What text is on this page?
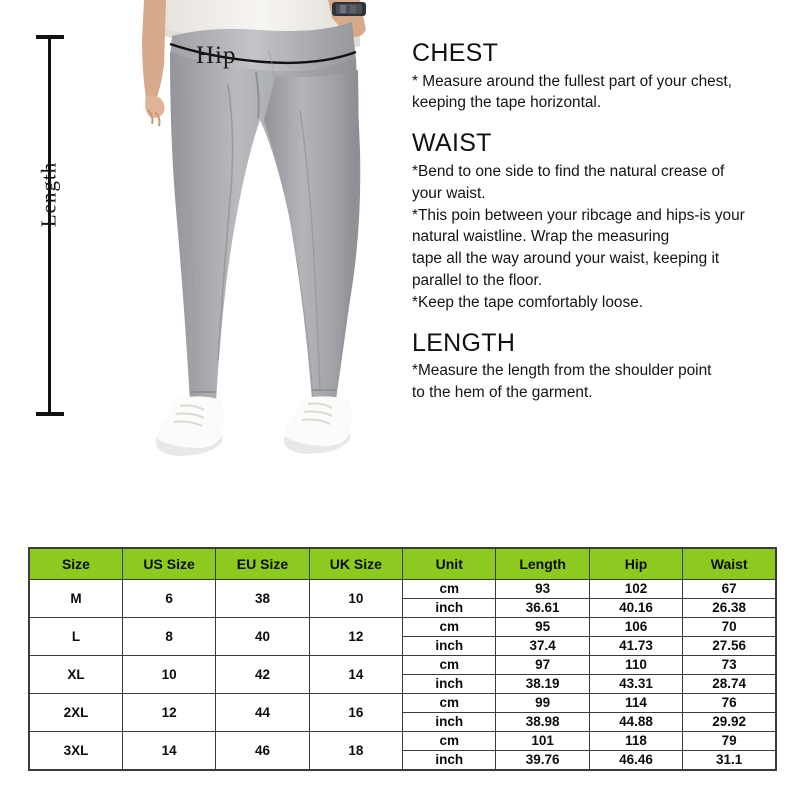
Hip
Length
CHEST

* Measure around the fullest part of your chest,
keeping the tape horizontal.

WAIST

*Bend to one side to find the natural crease of
your waist.
*This poin between your ribcage and hips-is your
natural waistline. Wrap the measuring
tape all the way around your waist, keeping it
parallel to the floor.
*Keep the tape comfortably loose.

LENGTH

*Measure the length from the shoulder point
to the hem of the garment.

Size	US Size	EU Size	UK Size	Unit	Length	Hip	Waist
M	6	38	10	cm	93	102	67
				inch	36.61	40.16	26.38
L	8	40	12	cm	95	106	70
				inch	37.4	41.73	27.56
XL	10	42	14	cm	97	110	73
				inch	38.19	43.31	28.74
2XL	12	44	16	cm	99	114	76
				inch	38.98	44.88	29.92
3XL	14	46	18	cm	101	118	79
				inch	39.76	46.46	31.1
